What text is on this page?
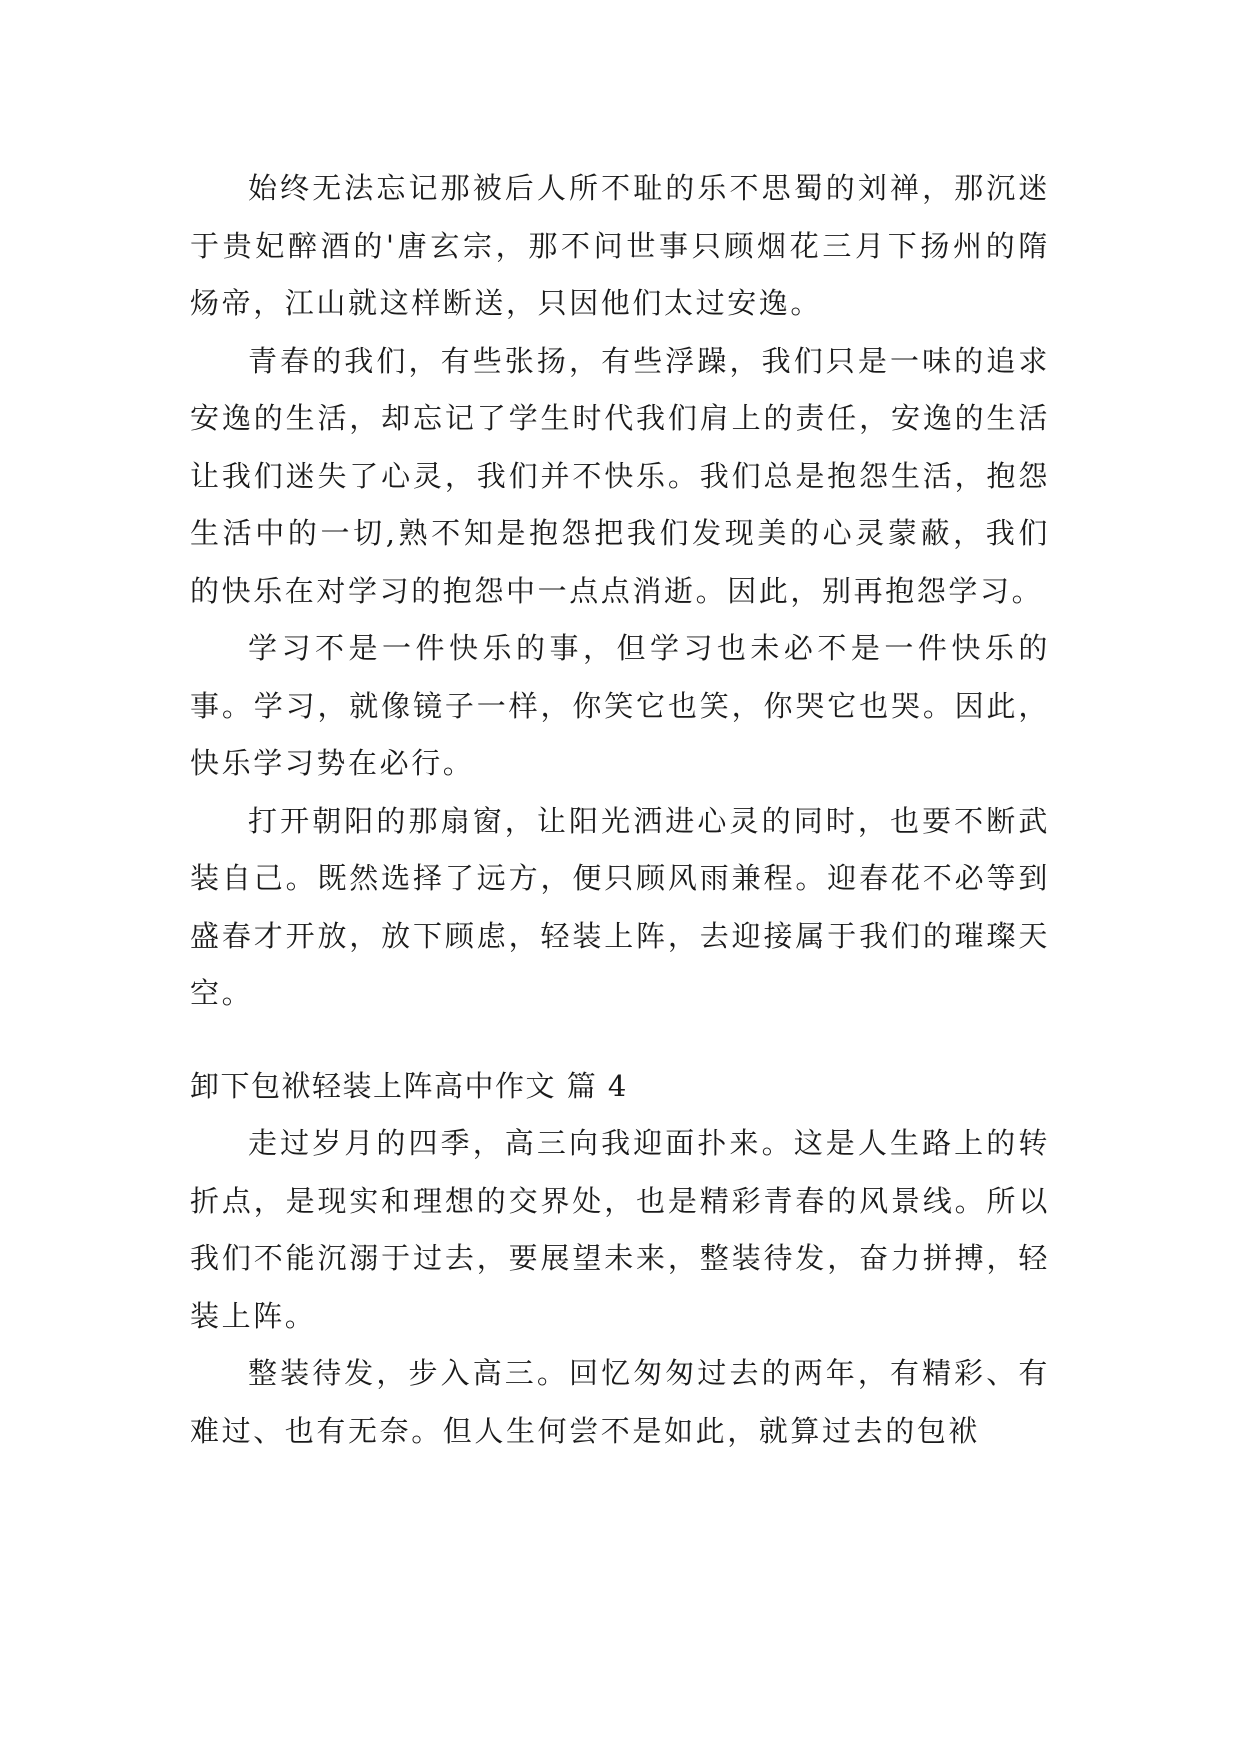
始终无法忘记那被后人所不耻的乐不思蜀的刘禅，那沉迷于贵妃醉酒的'唐玄宗，那不问世事只顾烟花三月下扬州的隋炀帝，江山就这样断送，只因他们太过安逸。

青春的我们，有些张扬，有些浮躁，我们只是一味的追求安逸的生活，却忘记了学生时代我们肩上的责任，安逸的生活让我们迷失了心灵，我们并不快乐。我们总是抱怨生活，抱怨生活中的一切,熟不知是抱怨把我们发现美的心灵蒙蔽，我们的快乐在对学习的抱怨中一点点消逝。因此，别再抱怨学习。

学习不是一件快乐的事，但学习也未必不是一件快乐的事。学习，就像镜子一样，你笑它也笑，你哭它也哭。因此，快乐学习势在必行。

打开朝阳的那扇窗，让阳光洒进心灵的同时，也要不断武装自己。既然选择了远方，便只顾风雨兼程。迎春花不必等到盛春才开放，放下顾虑，轻装上阵，去迎接属于我们的璀璨天空。

卸下包袱轻装上阵高中作文 篇 4

走过岁月的四季，高三向我迎面扑来。这是人生路上的转折点，是现实和理想的交界处，也是精彩青春的风景线。所以我们不能沉溺于过去，要展望未来，整装待发，奋力拼搏，轻装上阵。

整装待发，步入高三。回忆匆匆过去的两年，有精彩、有难过、也有无奈。但人生何尝不是如此，就算过去的包袱
